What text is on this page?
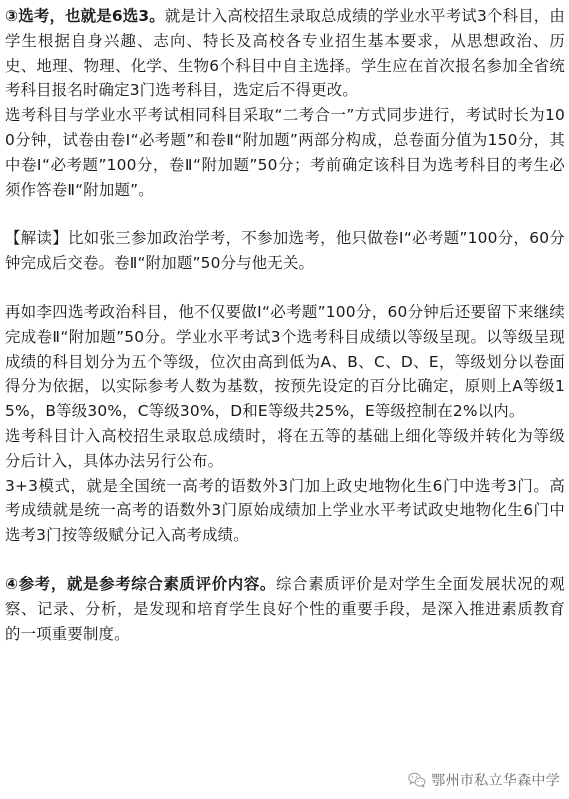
③选考，也就是6选3。就是计入高校招生录取总成绩的学业水平考试3个科目，由学生根据自身兴趣、志向、特长及高校各专业招生基本要求，从思想政治、历史、地理、物理、化学、生物6个科目中自主选择。学生应在首次报名参加全省统考科目报名时确定3门选考科目，选定后不得更改。

选考科目与学业水平考试相同科目采取“二考合一”方式同步进行，考试时长为100分钟，试卷由卷Ⅰ“必考题”和卷Ⅱ“附加题”两部分构成，总卷面分值为150分，其中卷Ⅰ“必考题”100分，卷Ⅱ“附加题”50分；考前确定该科目为选考科目的考生必须作答卷Ⅱ“附加题”。

【解读】比如张三参加政治学考，不参加选考，他只做卷Ⅰ“必考题”100分，60分钟完成后交卷。卷Ⅱ“附加题”50分与他无关。

再如李四选考政治科目，他不仅要做Ⅰ“必考题”100分，60分钟后还要留下来继续完成卷Ⅱ“附加题”50分。学业水平考试3个选考科目成绩以等级呈现。以等级呈现成绩的科目划分为五个等级，位次由高到低为A、B、C、D、E，等级划分以卷面得分为依据，以实际参考人数为基数，按预先设定的百分比确定，原则上A等级15%，B等级30%，C等级30%，D和E等级共25%，E等级控制在2%以内。

选考科目计入高校招生录取总成绩时，将在五等的基础上细化等级并转化为等级分后计入，具体办法另行公布。

3+3模式，就是全国统一高考的语数外3门加上政史地物化生6门中选考3门。高考成绩就是统一高考的语数外3门原始成绩加上学业水平考试政史地物化生6门中选考3门按等级赋分记入高考成绩。

④参考，就是参考综合素质评价内容。综合素质评价是对学生全面发展状况的观察、记录、分析，是发现和培育学生良好个性的重要手段，是深入推进素质教育的一项重要制度。

鄂州市私立华森中学
